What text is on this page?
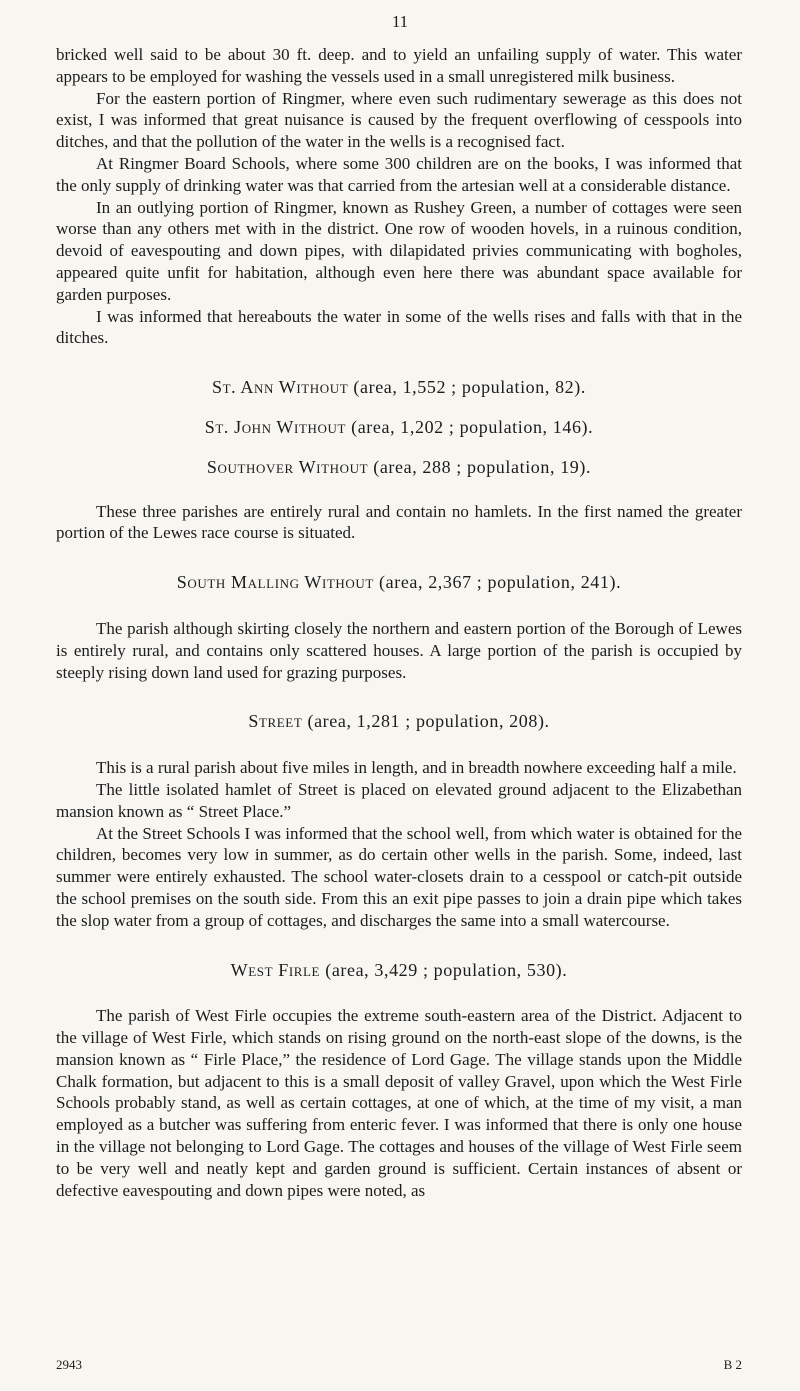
11

bricked well said to be about 30 ft. deep. and to yield an unfailing supply of water. This water appears to be employed for washing the vessels used in a small unregistered milk business.

For the eastern portion of Ringmer, where even such rudimentary sewerage as this does not exist, I was informed that great nuisance is caused by the frequent overflowing of cesspools into ditches, and that the pollution of the water in the wells is a recognised fact.

At Ringmer Board Schools, where some 300 children are on the books, I was informed that the only supply of drinking water was that carried from the artesian well at a considerable distance.

In an outlying portion of Ringmer, known as Rushey Green, a number of cottages were seen worse than any others met with in the district. One row of wooden hovels, in a ruinous condition, devoid of eavespouting and down pipes, with dilapidated privies communicating with bogholes, appeared quite unfit for habitation, although even here there was abundant space available for garden purposes.

I was informed that hereabouts the water in some of the wells rises and falls with that in the ditches.

St. Ann Without (area, 1,552 ; population, 82).
St. John Without (area, 1,202 ; population, 146).
Southover Without (area, 288 ; population, 19).

These three parishes are entirely rural and contain no hamlets. In the first named the greater portion of the Lewes race course is situated.

South Malling Without (area, 2,367 ; population, 241).

The parish although skirting closely the northern and eastern portion of the Borough of Lewes is entirely rural, and contains only scattered houses. A large portion of the parish is occupied by steeply rising down land used for grazing purposes.

Street (area, 1,281 ; population, 208).

This is a rural parish about five miles in length, and in breadth nowhere exceeding half a mile.

The little isolated hamlet of Street is placed on elevated ground adjacent to the Elizabethan mansion known as “ Street Place.”

At the Street Schools I was informed that the school well, from which water is obtained for the children, becomes very low in summer, as do certain other wells in the parish. Some, indeed, last summer were entirely exhausted. The school water-closets drain to a cesspool or catch-pit outside the school premises on the south side. From this an exit pipe passes to join a drain pipe which takes the slop water from a group of cottages, and discharges the same into a small watercourse.

West Firle (area, 3,429 ; population, 530).

The parish of West Firle occupies the extreme south-eastern area of the District. Adjacent to the village of West Firle, which stands on rising ground on the north-east slope of the downs, is the mansion known as “ Firle Place,” the residence of Lord Gage. The village stands upon the Middle Chalk formation, but adjacent to this is a small deposit of valley Gravel, upon which the West Firle Schools probably stand, as well as certain cottages, at one of which, at the time of my visit, a man employed as a butcher was suffering from enteric fever. I was informed that there is only one house in the village not belonging to Lord Gage. The cottages and houses of the village of West Firle seem to be very well and neatly kept and garden ground is sufficient. Certain instances of absent or defective eavespouting and down pipes were noted, as

2943	B 2
